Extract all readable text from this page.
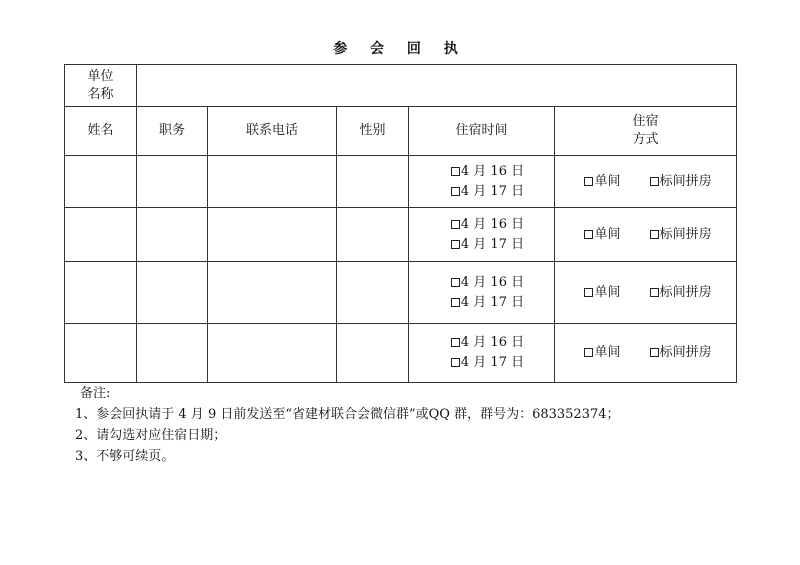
参 会 回 执
单位
名称					

姓名	职务	联系电话	性别	住宿时间	住宿
方式

				4 月 16 日
4 月 17 日	单间 标间拼房

				4 月 16 日
4 月 17 日	单间 标间拼房

				4 月 16 日
4 月 17 日	单间 标间拼房

				4 月 16 日
4 月 17 日	单间 标间拼房
备注:
1、参会回执请于 4 月 9 日前发送至“省建材联合会微信群”或QQ 群，群号为：683352374；
2、请勾选对应住宿日期；
3、不够可续页。
